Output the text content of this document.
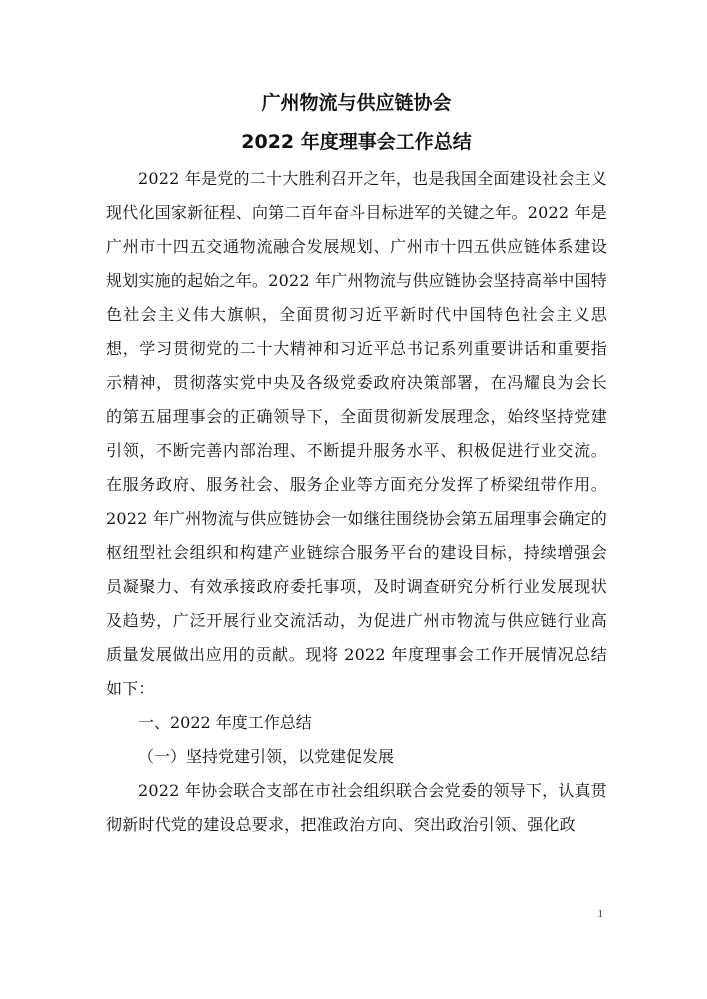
广州物流与供应链协会
2022 年度理事会工作总结

2022 年是党的二十大胜利召开之年，也是我国全面建设社会主义现代化国家新征程、向第二百年奋斗目标进军的关键之年。2022 年是广州市十四五交通物流融合发展规划、广州市十四五供应链体系建设规划实施的起始之年。2022 年广州物流与供应链协会坚持高举中国特色社会主义伟大旗帜，全面贯彻习近平新时代中国特色社会主义思想，学习贯彻党的二十大精神和习近平总书记系列重要讲话和重要指示精神，贯彻落实党中央及各级党委政府决策部署，在冯耀良为会长的第五届理事会的正确领导下，全面贯彻新发展理念，始终坚持党建引领，不断完善内部治理、不断提升服务水平、积极促进行业交流。在服务政府、服务社会、服务企业等方面充分发挥了桥梁纽带作用。2022 年广州物流与供应链协会一如继往围绕协会第五届理事会确定的枢纽型社会组织和构建产业链综合服务平台的建设目标，持续增强会员凝聚力、有效承接政府委托事项，及时调查研究分析行业发展现状及趋势，广泛开展行业交流活动，为促进广州市物流与供应链行业高质量发展做出应用的贡献。现将 2022 年度理事会工作开展情况总结如下：

一、2022 年度工作总结

（一）坚持党建引领，以党建促发展

2022 年协会联合支部在市社会组织联合会党委的领导下，认真贯彻新时代党的建设总要求，把准政治方向、突出政治引领、强化政

1
